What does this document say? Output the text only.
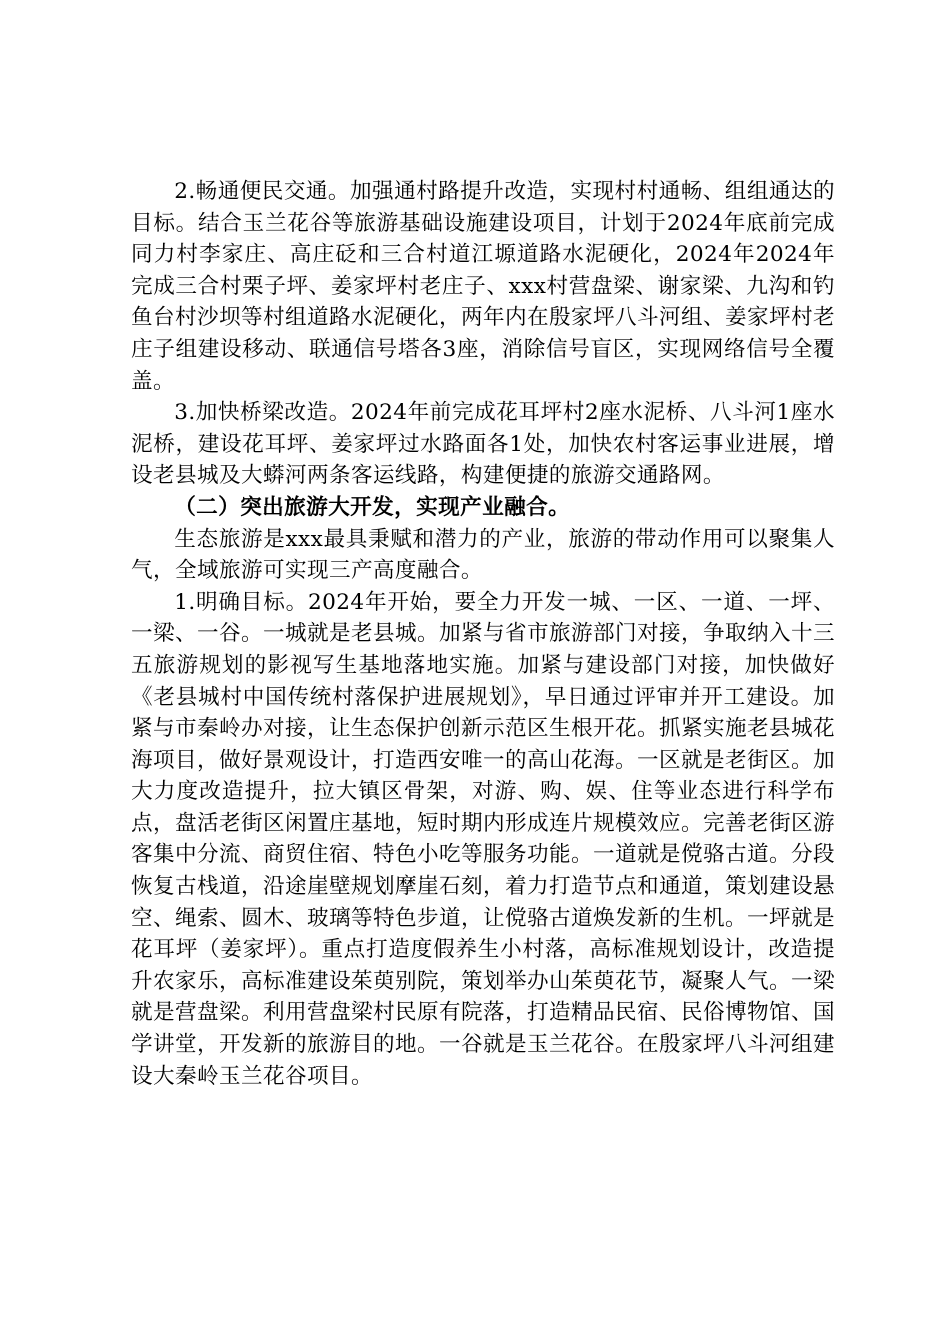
2.畅通便民交通。加强通村路提升改造，实现村村通畅、组组通达的目标。结合玉兰花谷等旅游基础设施建设项目，计划于2024年底前完成同力村李家庄、高庄砭和三合村道江塬道路水泥硬化，2024年2024年完成三合村栗子坪、姜家坪村老庄子、xxx村营盘梁、谢家梁、九沟和钓鱼台村沙坝等村组道路水泥硬化，两年内在殷家坪八斗河组、姜家坪村老庄子组建设移动、联通信号塔各3座，消除信号盲区，实现网络信号全覆盖。

3.加快桥梁改造。2024年前完成花耳坪村2座水泥桥、八斗河1座水泥桥，建设花耳坪、姜家坪过水路面各1处，加快农村客运事业进展，增设老县城及大蟒河两条客运线路，构建便捷的旅游交通路网。

（二）突出旅游大开发，实现产业融合。

生态旅游是xxx最具秉赋和潜力的产业，旅游的带动作用可以聚集人气，全域旅游可实现三产高度融合。

1.明确目标。2024年开始，要全力开发一城、一区、一道、一坪、一梁、一谷。一城就是老县城。加紧与省市旅游部门对接，争取纳入十三五旅游规划的影视写生基地落地实施。加紧与建设部门对接，加快做好《老县城村中国传统村落保护进展规划》，早日通过评审并开工建设。加紧与市秦岭办对接，让生态保护创新示范区生根开花。抓紧实施老县城花海项目，做好景观设计，打造西安唯一的高山花海。一区就是老街区。加大力度改造提升，拉大镇区骨架，对游、购、娱、住等业态进行科学布点，盘活老街区闲置庄基地，短时期内形成连片规模效应。完善老街区游客集中分流、商贸住宿、特色小吃等服务功能。一道就是傥骆古道。分段恢复古栈道，沿途崖壁规划摩崖石刻，着力打造节点和通道，策划建设悬空、绳索、圆木、玻璃等特色步道，让傥骆古道焕发新的生机。一坪就是花耳坪（姜家坪）。重点打造度假养生小村落，高标准规划设计，改造提升农家乐，高标准建设茱萸别院，策划举办山茱萸花节，凝聚人气。一梁就是营盘梁。利用营盘梁村民原有院落，打造精品民宿、民俗博物馆、国学讲堂，开发新的旅游目的地。一谷就是玉兰花谷。在殷家坪八斗河组建设大秦岭玉兰花谷项目。
